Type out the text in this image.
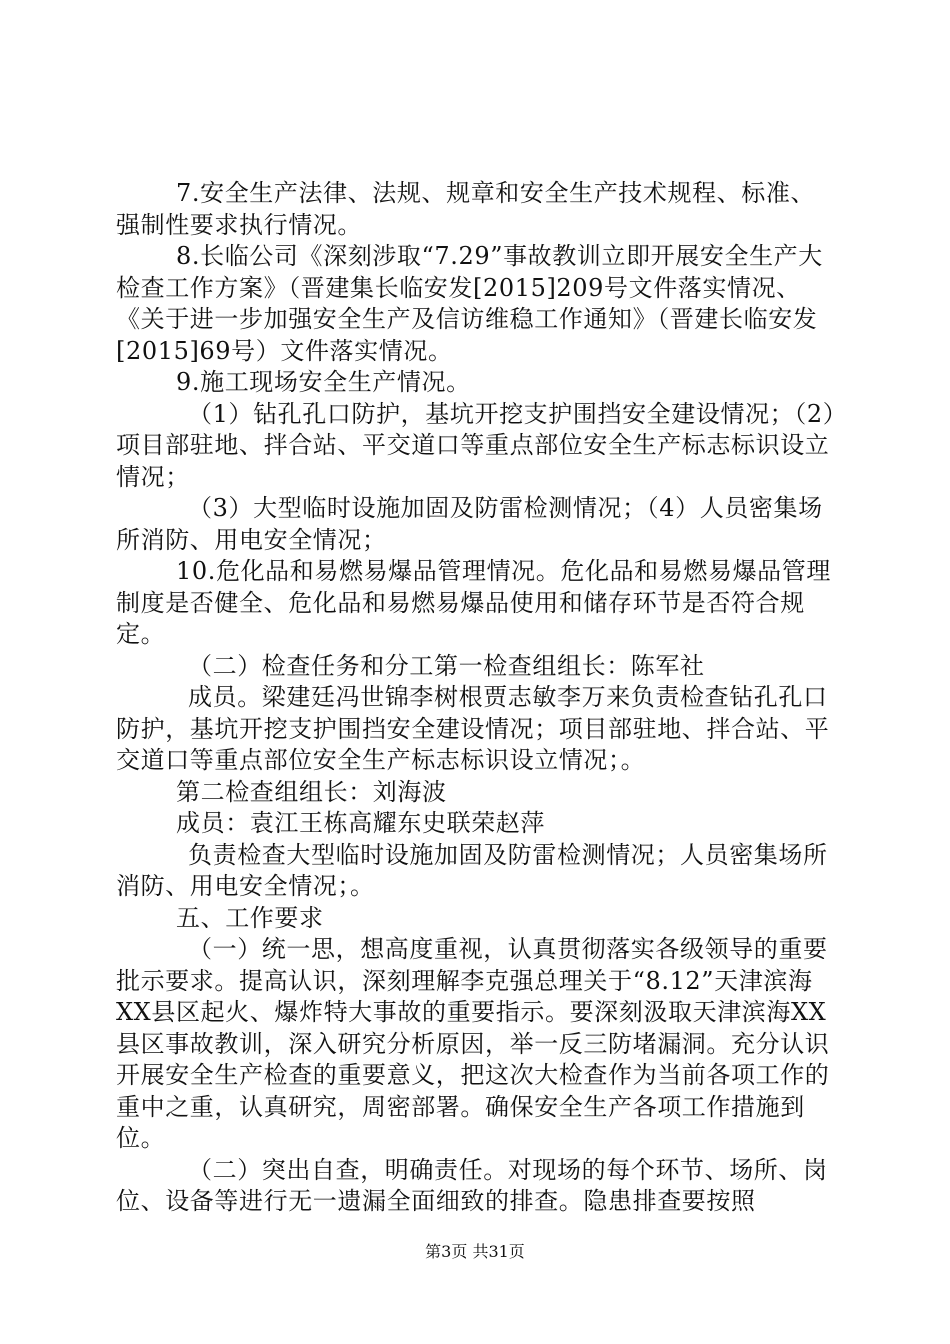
7.安全生产法律、法规、规章和安全生产技术规程、标准、强制性要求执行情况。

8.长临公司《深刻涉取“7.29”事故教训立即开展安全生产大检查工作方案》（晋建集长临安发[2015]209号文件落实情况、《关于进一步加强安全生产及信访维稳工作通知》（晋建长临安发[2015]69号）文件落实情况。

9.施工现场安全生产情况。

（1）钻孔孔口防护，基坑开挖支护围挡安全建设情况；（2）项目部驻地、拌合站、平交道口等重点部位安全生产标志标识设立情况；

（3）大型临时设施加固及防雷检测情况；（4）人员密集场所消防、用电安全情况；

10.危化品和易燃易爆品管理情况。危化品和易燃易爆品管理制度是否健全、危化品和易燃易爆品使用和储存环节是否符合规定。

（二）检查任务和分工第一检查组组长：陈军社

成员。梁建廷冯世锦李树根贾志敏李万来负责检查钻孔孔口防护，基坑开挖支护围挡安全建设情况；项目部驻地、拌合站、平交道口等重点部位安全生产标志标识设立情况；。

第二检查组组长：刘海波

成员：袁江王栋高耀东史联荣赵萍

负责检查大型临时设施加固及防雷检测情况；人员密集场所消防、用电安全情况；。

五、工作要求

（一）统一思，想高度重视，认真贯彻落实各级领导的重要批示要求。提高认识，深刻理解李克强总理关于“8.12”天津滨海XX县区起火、爆炸特大事故的重要指示。要深刻汲取天津滨海XX县区事故教训，深入研究分析原因，举一反三防堵漏洞。充分认识开展安全生产检查的重要意义，把这次大检查作为当前各项工作的重中之重，认真研究，周密部署。确保安全生产各项工作措施到位。

（二）突出自查，明确责任。对现场的每个环节、场所、岗位、设备等进行无一遗漏全面细致的排查。隐患排查要按照

第3页 共31页
